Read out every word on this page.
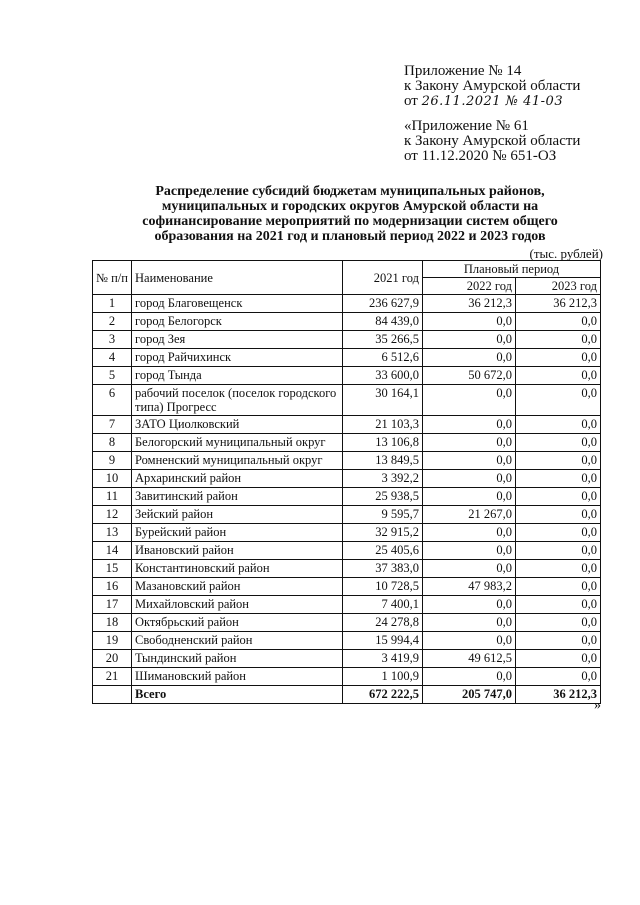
Приложение № 14
к Закону Амурской области
от 26.11.2021 № 41-03
«Приложение № 61
к Закону Амурской области
от 11.12.2020 № 651-ОЗ
Распределение субсидий бюджетам муниципальных районов,
муниципальных и городских округов Амурской области на
софинансирование мероприятий по модернизации систем общего
образования на 2021 год и плановый период 2022 и 2023 годов
(тыс. рублей)
№ п/п	Наименование	2021 год	Плановый период	
			2022 год	2023 год
1	город Благовещенск	236 627,9	36 212,3	36 212,3
2	город Белогорск	84 439,0	0,0	0,0
3	город Зея	35 266,5	0,0	0,0
4	город Райчихинск	6 512,6	0,0	0,0
5	город Тында	33 600,0	50 672,0	0,0
6	рабочий поселок (поселок городского типа) Прогресс	30 164,1	0,0	0,0
7	ЗАТО Циолковский	21 103,3	0,0	0,0
8	Белогорский муниципальный округ	13 106,8	0,0	0,0
9	Ромненский муниципальный округ	13 849,5	0,0	0,0
10	Архаринский район	3 392,2	0,0	0,0
11	Завитинский район	25 938,5	0,0	0,0
12	Зейский район	9 595,7	21 267,0	0,0
13	Бурейский район	32 915,2	0,0	0,0
14	Ивановский район	25 405,6	0,0	0,0
15	Константиновский район	37 383,0	0,0	0,0
16	Мазановский район	10 728,5	47 983,2	0,0
17	Михайловский район	7 400,1	0,0	0,0
18	Октябрьский район	24 278,8	0,0	0,0
19	Свободненский район	15 994,4	0,0	0,0
20	Тындинский район	3 419,9	49 612,5	0,0
21	Шимановский район	1 100,9	0,0	0,0
	Всего	672 222,5	205 747,0	36 212,3
»
